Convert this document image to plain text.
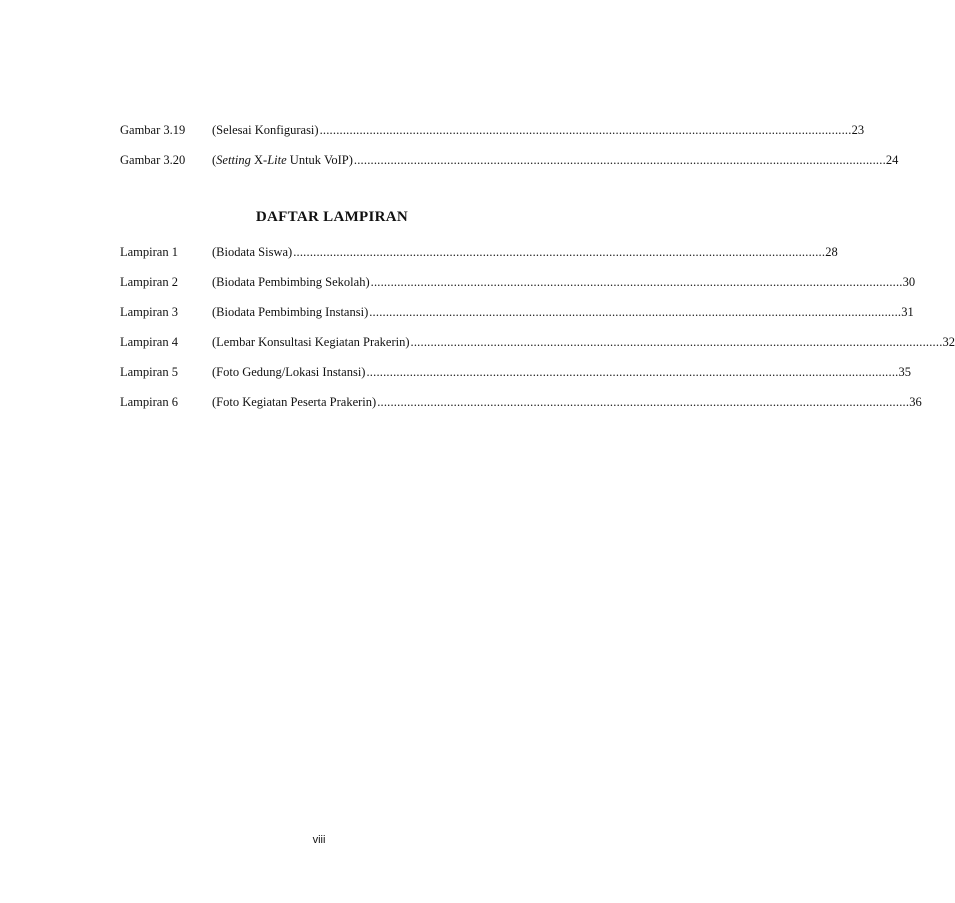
Gambar 3.19 (Selesai Konfigurasi) ................................................................................................................................................................ 23
Gambar 3.20 (Setting X-Lite Untuk VoIP) ................................................................................................................................................................ 24
DAFTAR LAMPIRAN
Lampiran 1	(Biodata Siswa) ................................................................................................................................................................ 28
Lampiran 2	(Biodata Pembimbing Sekolah) ................................................................................................................................................................ 30
Lampiran 3	(Biodata Pembimbing Instansi) ................................................................................................................................................................ 31
Lampiran 4	(Lembar Konsultasi Kegiatan Prakerin) ................................................................................................................................................................ 32
Lampiran 5	(Foto Gedung/Lokasi Instansi) ................................................................................................................................................................ 35
Lampiran 6	(Foto Kegiatan Peserta Prakerin) ................................................................................................................................................................ 36
viii
